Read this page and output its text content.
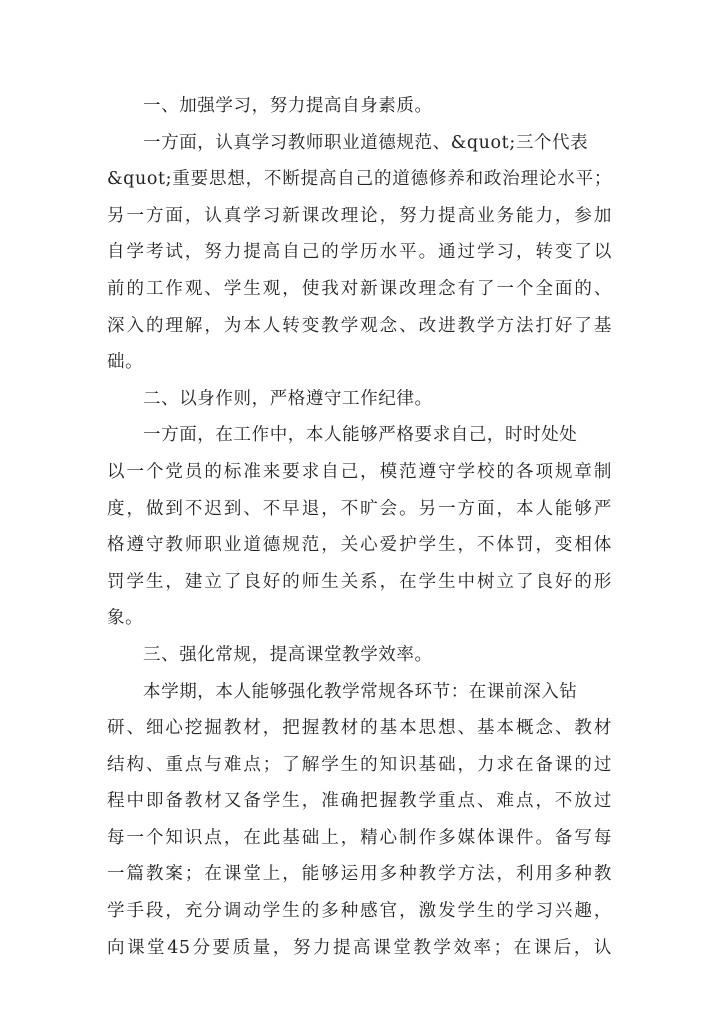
一、加强学习，努力提高自身素质。
一方面，认真学习教师职业道德规范、&quot;三个代表
&quot;重要思想，不断提高自己的道德修养和政治理论水平；
另一方面，认真学习新课改理论，努力提高业务能力，参加
自学考试，努力提高自己的学历水平。通过学习，转变了以
前的工作观、学生观，使我对新课改理念有了一个全面的、
深入的理解，为本人转变教学观念、改进教学方法打好了基
础。
二、以身作则，严格遵守工作纪律。
一方面，在工作中，本人能够严格要求自己，时时处处
以一个党员的标准来要求自己，模范遵守学校的各项规章制
度，做到不迟到、不早退，不旷会。另一方面，本人能够严
格遵守教师职业道德规范，关心爱护学生，不体罚，变相体
罚学生，建立了良好的师生关系，在学生中树立了良好的形
象。
三、强化常规，提高课堂教学效率。
本学期，本人能够强化教学常规各环节：在课前深入钻
研、细心挖掘教材，把握教材的基本思想、基本概念、教材
结构、重点与难点；了解学生的知识基础，力求在备课的过
程中即备教材又备学生，准确把握教学重点、难点，不放过
每一个知识点，在此基础上，精心制作多媒体课件。备写每
一篇教案；在课堂上，能够运用多种教学方法，利用多种教
学手段，充分调动学生的多种感官，激发学生的学习兴趣，
向课堂45分要质量，努力提高课堂教学效率；在课后，认
